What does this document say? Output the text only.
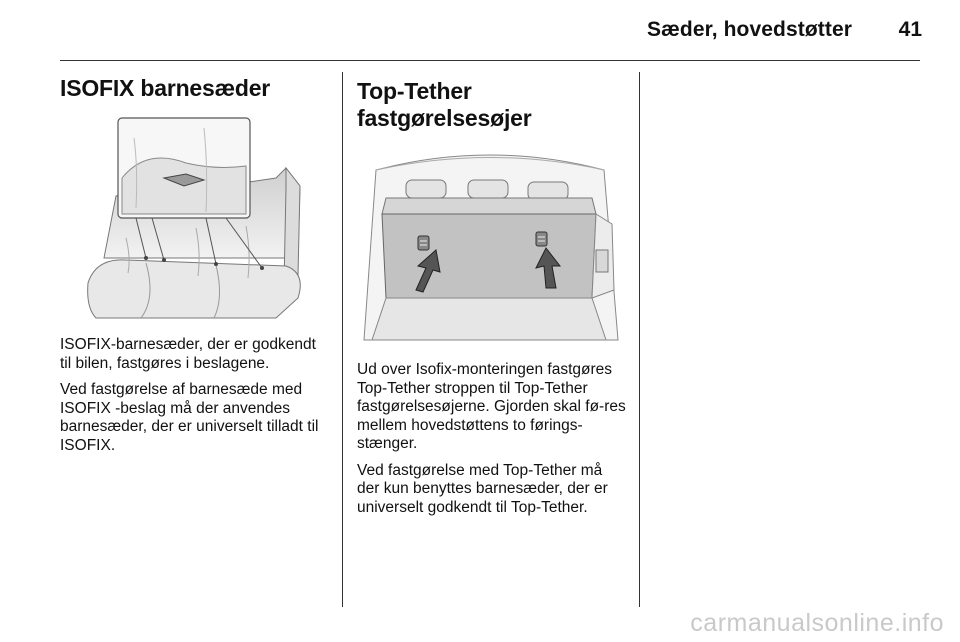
Sæder, hovedstøtter 41
ISOFIX barnesæder

ISOFIX-barnesæder, der er godkendt til bilen, fastgøres i beslagene.

Ved fastgørelse af barnesæde med ISOFIX -beslag må der anvendes barnesæder, der er universelt tilladt til ISOFIX.

Top-Tether
fastgørelsesøjer

Ud over Isofix-monteringen fastgøres Top-Tether stroppen til Top-Tether fastgørelsesøjerne. Gjorden skal fø-res mellem hovedstøttens to førings-stænger.

Ved fastgørelse med Top-Tether må der kun benyttes barnesæder, der er universelt godkendt til Top-Tether.

carmanualsonline.info
